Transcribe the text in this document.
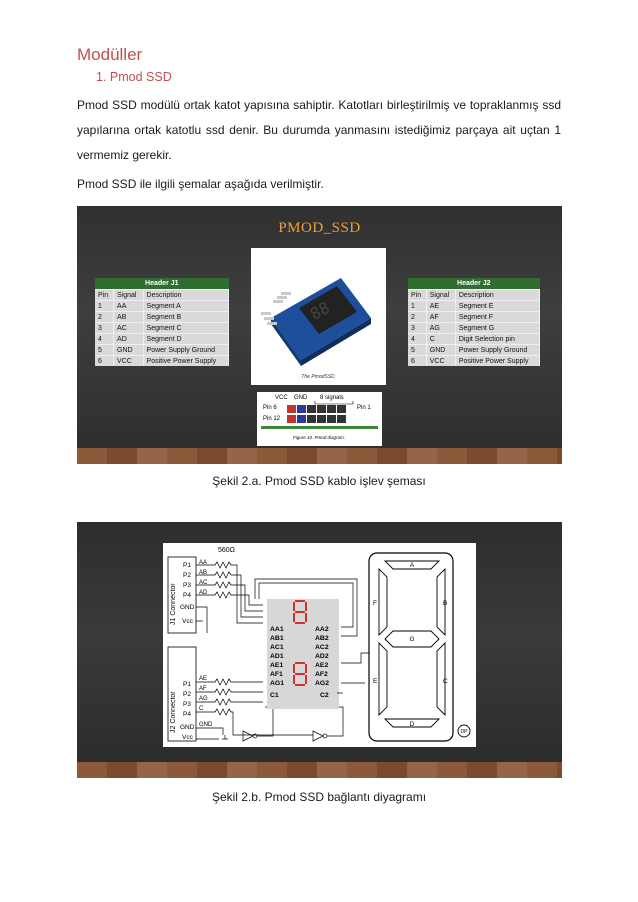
Modüller
1. Pmod SSD
Pmod SSD modülü ortak katot yapısına sahiptir. Katotları birleştirilmiş ve topraklanmış ssd yapılarına ortak katotlu ssd denir. Bu durumda yanmasını istediğimiz parçaya ait uçtan 1 vermemiz gerekir.
Pmod SSD ile ilgili şemalar aşağıda verilmiştir.
PMOD_SSD
Header J1		
Pin	Signal	Description
1	AA	Segment A
2	AB	Segment B
3	AC	Segment C
4	AD	Segment D
5	GND	Power Supply Ground
6	VCC	Positive Power Supply
Header J2		
Pin	Signal	Description
1	AE	Segment E
2	AF	Segment F
3	AG	Segment G
4	C	Digit Selection pin
5	GND	Power Supply Ground
6	VCC	Positive Power Supply
88
The PmodSSD
VCC GND 8 signals
Pin 6
Pin 12
Pin 1
Figure 10. Pmod diagram.
Şekil 2.a. Pmod SSD kablo işlev şeması
J1 Connector
P1
P2
P3
P4
GND
Vcc
560Ω
AA
AB
AC
AD
J2 Connector
P1
P2
P3
P4
GND
Vcc
AE
AF
AG
C
GND
AA1
AB1
AC1
AD1
AE1
AF1
AG1
C1
AA2
AB2
AC2
AD2
AE2
AF2
AG2
C2
A
F	B
G
E	C
D
DP
Şekil 2.b. Pmod SSD bağlantı diyagramı
